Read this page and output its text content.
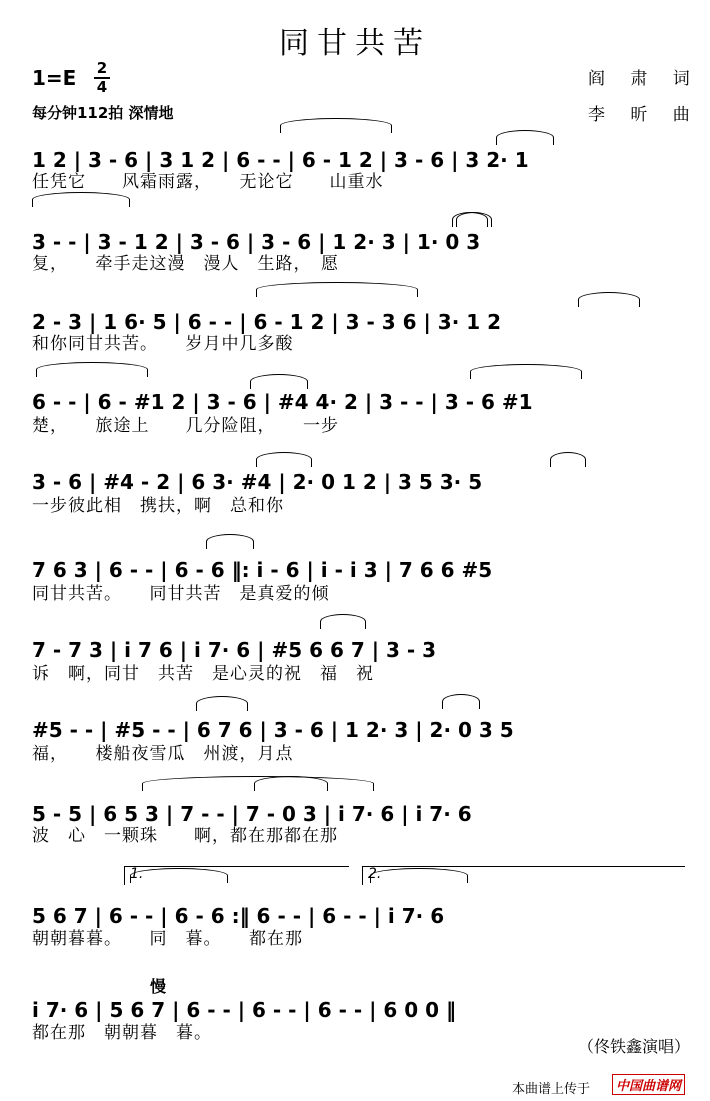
同甘共苦
1=E 2
4
每分钟112拍 深情地
阎 肃 词
李 昕 曲
1 2 | 3 - 6 | 3 1 2 | 6 - - | 6 - 1 2 | 3 - 6 | 3 2· 1
任凭它　　风霜雨露，　　无论它　　山重水
3 - - | 3 - 1 2 | 3 - 6 | 3 - 6 | 1 2· 3 | 1· 0 3
复，　　牵手走这漫　漫人　生路，　愿
2 - 3 | 1 6· 5 | 6 - - | 6 - 1 2 | 3 - 3 6 | 3· 1 2
和你同甘共苦。　　岁月中几多酸
6 - - | 6 - #1 2 | 3 - 6 | #4 4· 2 | 3 - - | 3 - 6 #1
楚，　　旅途上　　几分险阻，　　一步
3 - 6 | #4 - 2 | 6 3· #4 | 2· 0 1 2 | 3 5 3· 5
一步彼此相　携扶，啊　总和你
7 6 3 | 6 - - | 6 - 6 ‖: i - 6 | i - i 3 | 7 6 6 #5
同甘共苦。　　同甘共苦　是真爱的倾
7 - 7 3 | i 7 6 | i 7· 6 | #5 6 6 7 | 3 - 3
诉　啊，同甘　共苦　是心灵的祝　福　祝
#5 - - | #5 - - | 6 7 6 | 3 - 6 | 1 2· 3 | 2· 0 3 5
福，　　楼船夜雪瓜　州渡，月点
5 - 5 | 6 5 3 | 7 - - | 7 - 0 3 | i 7· 6 | i 7· 6
波　心　一颗珠　　啊，都在那都在那
5 6 7 | 6 - - | 6 - 6 :‖ 6 - - | 6 - - | i 7· 6
朝朝暮暮。　　同　暮。　　都在那
i 7· 6 | 5 6 7 | 6 - - | 6 - - | 6 - - | 6 0 0 ‖
都在那　朝朝暮　暮。
1.	2.
慢
（佟铁鑫演唱）
本曲谱上传于	中国曲谱网
